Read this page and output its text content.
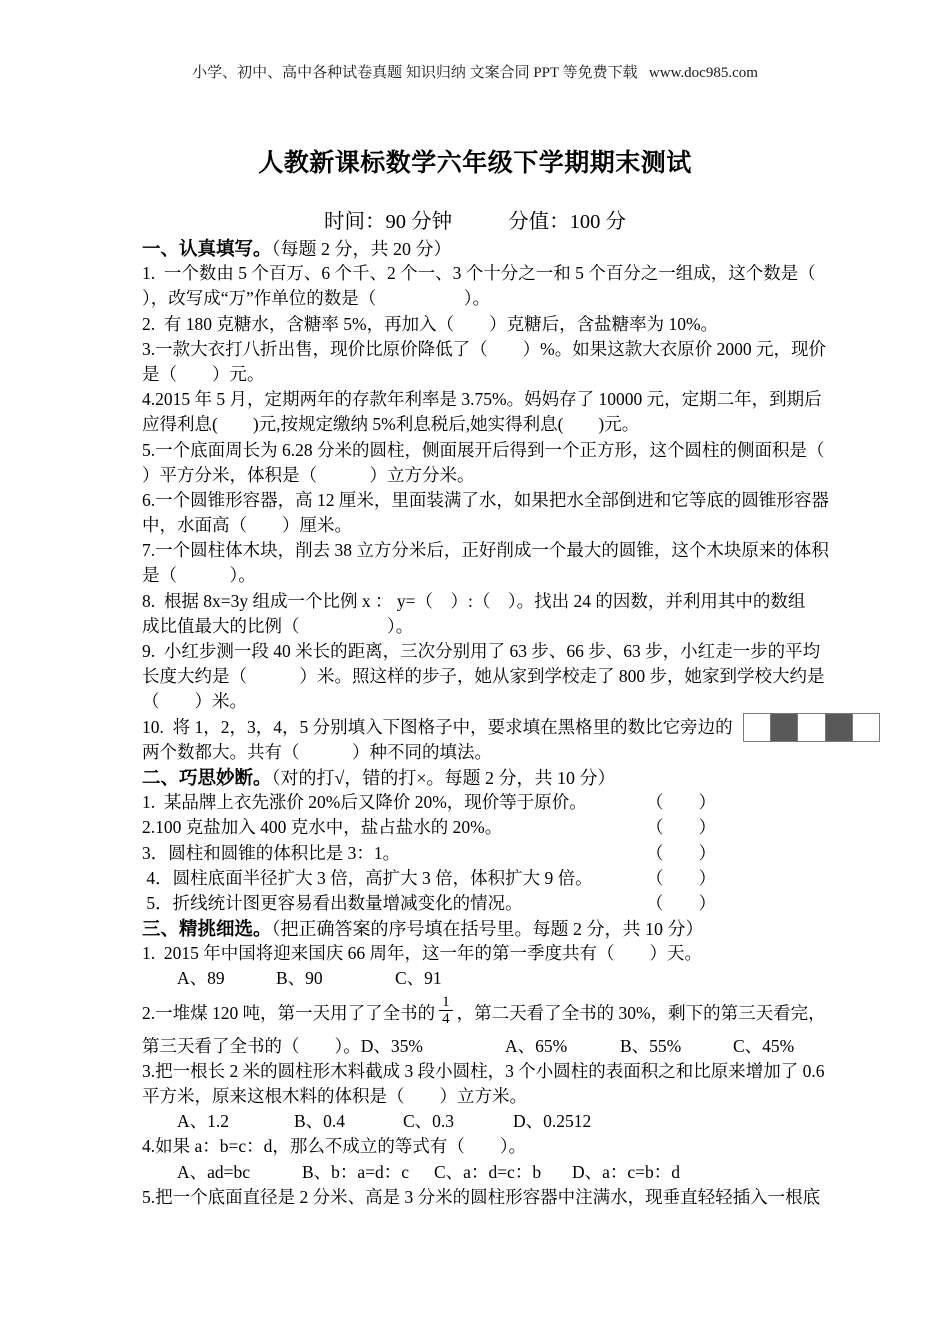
小学、初中、高中各种试卷真题 知识归纳 文案合同 PPT 等免费下载   www.doc985.com
人教新课标数学六年级下学期期末测试
时间：90 分钟	分值：100 分
一、认真填写。（每题 2 分，共 20 分）
1.  一个数由 5 个百万、6 个千、2 个一、3 个十分之一和 5 个百分之一组成，这个数是（
），改写成“万”作单位的数是（　　　　　）。
2.  有 180 克糖水，含糖率 5%，再加入（　　）克糖后，含盐糖率为 10%。
3.一款大衣打八折出售，现价比原价降低了（　　）%。如果这款大衣原价 2000 元，现价
是（　　）元。
4.2015 年 5 月，定期两年的存款年利率是 3.75%。妈妈存了 10000 元，定期二年，到期后
应得利息(　　)元,按规定缴纳 5%利息税后,她实得利息(　　)元。
5.一个底面周长为 6.28 分米的圆柱，侧面展开后得到一个正方形，这个圆柱的侧面积是（
）平方分米，体积是（　　　）立方分米。
6.一个圆锥形容器，高 12 厘米，里面装满了水，如果把水全部倒进和它等底的圆锥形容器
中，水面高（　　）厘米。
7.一个圆柱体木块，削去 38 立方分米后，正好削成一个最大的圆锥，这个木块原来的体积
是（　　　）。
8.  根据 8x=3y 组成一个比例 x ： y=（　）:（　）。找出 24 的因数，并利用其中的数组
成比值最大的比例（　　　　　）。
9.  小红步测一段 40 米长的距离，三次分别用了 63 步、66 步、63 步，小红走一步的平均
长度大约是（　　　）米。照这样的步子，她从家到学校走了 800 步，她家到学校大约是
（　　）米。
10.  将 1，2，3，4，5 分别填入下图格子中，要求填在黑格里的数比它旁边的
两个数都大。共有（　　　）种不同的填法。
二、巧思妙断。（对的打√，错的打×。每题 2 分，共 10 分）
1.  某品牌上衣先涨价 20%后又降价 20%，现价等于原价。	（　　）
2.100 克盐加入 400 克水中，盐占盐水的 20%。	（　　）
3．圆柱和圆锥的体积比是 3：1。	（　　）
4．圆柱底面半径扩大 3 倍，高扩大 3 倍，体积扩大 9 倍。	（　　）
5．折线统计图更容易看出数量增减变化的情况。	（　　）
三、精挑细选。（把正确答案的序号填在括号里。每题 2 分，共 10 分）
1.  2015 年中国将迎来国庆 66 周年，这一年的第一季度共有（　　）天。
A、89	B、90	C、91
2.一堆煤 120 吨，第一天用了了全书的 $\frac{1}{4}$ ，第二天看了全书的 30%，剩下的第三天看完，
第三天看了全书的（　　）。	A、65%	B、55%	C、45%
D、35%
3.把一根长 2 米的圆柱形木料截成 3 段小圆柱，3 个小圆柱的表面积之和比原来增加了 0.6
平方米，原来这根木料的体积是（　　）立方米。
A、1.2	B、0.4	C、0.3	D、0.2512
4.如果 a：b=c：d，那么不成立的等式有（　　）。
A、ad=bc	B、b：a=d：c C、a：d=c：b D、a：c=b：d
5.把一个底面直径是 2 分米、高是 3 分米的圆柱形容器中注满水，现垂直轻轻插入一根底
